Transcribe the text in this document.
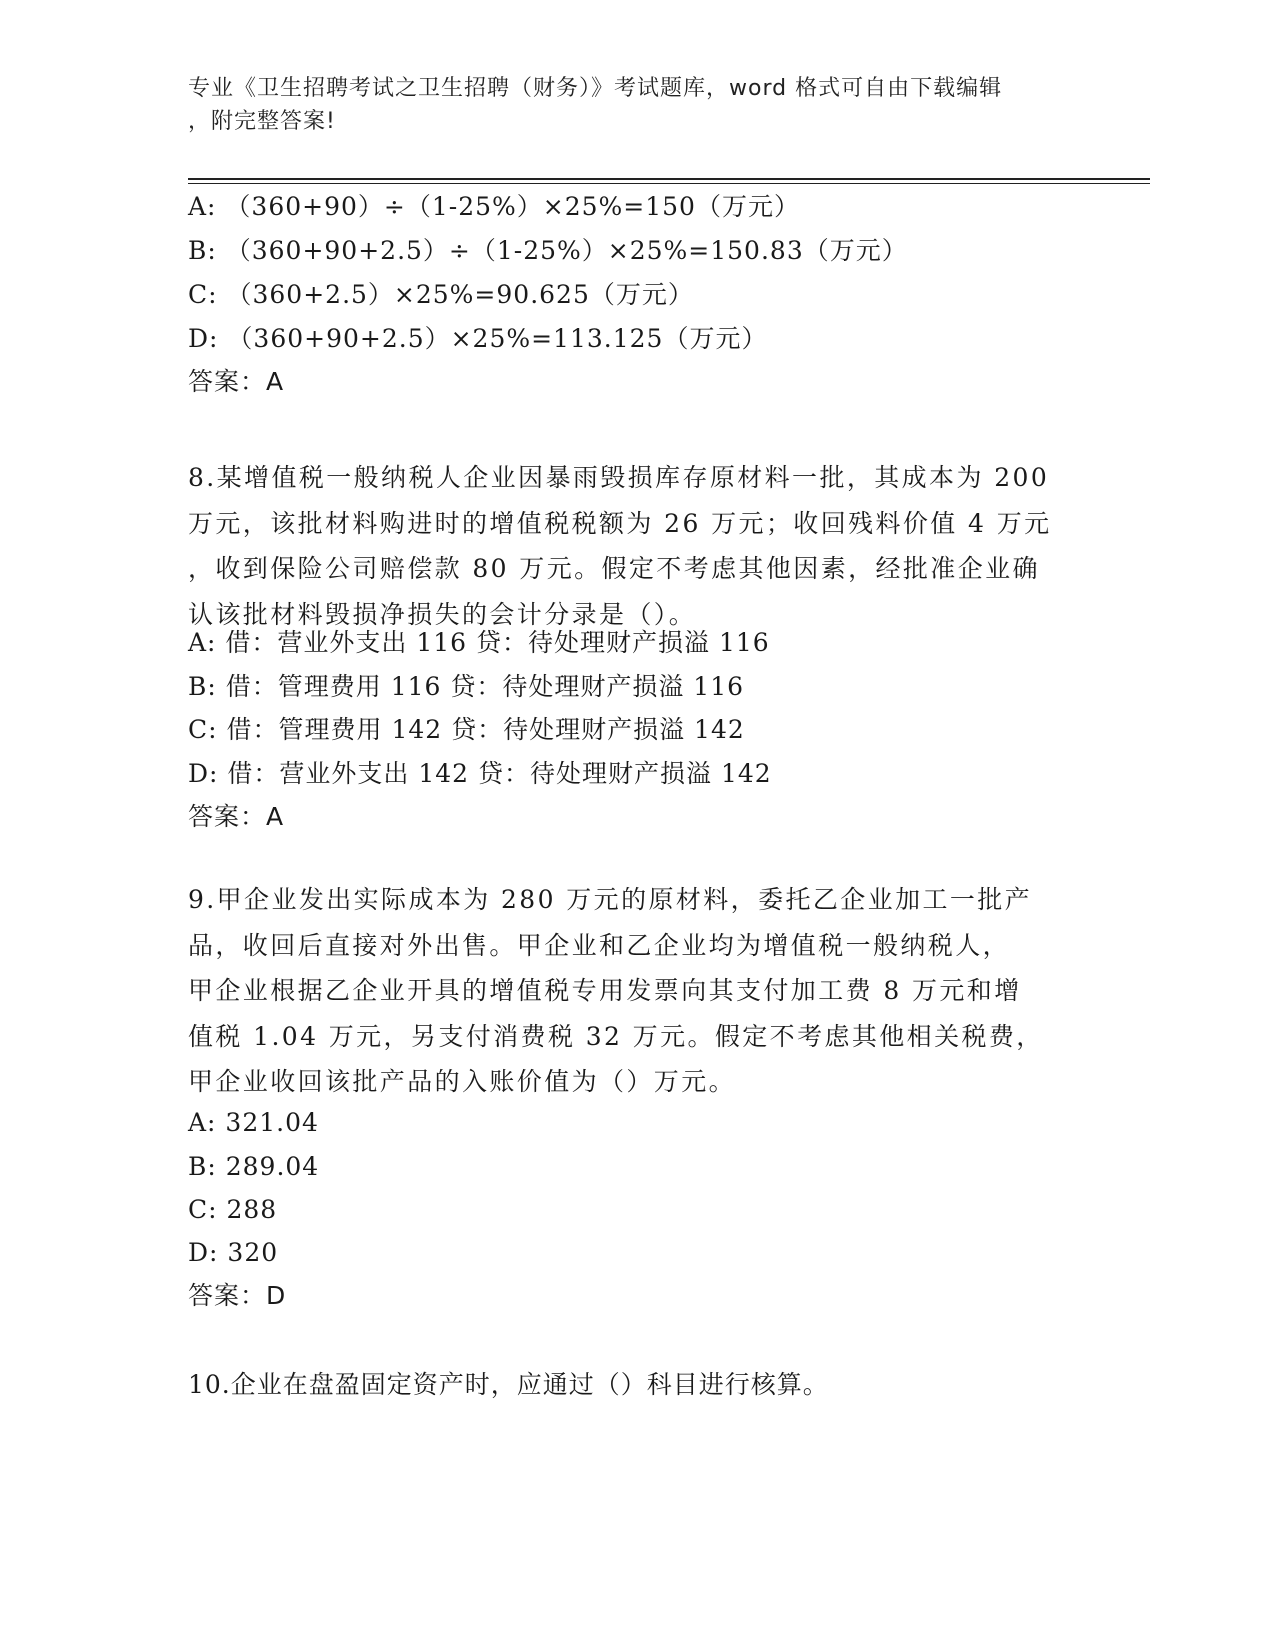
专业《卫生招聘考试之卫生招聘（财务）》考试题库，word 格式可自由下载编辑
，附完整答案!
A: （360+90）÷（1-25%）×25%=150（万元）
B: （360+90+2.5）÷（1-25%）×25%=150.83（万元）
C: （360+2.5）×25%=90.625（万元）
D: （360+90+2.5）×25%=113.125（万元）
答案：A
8.某增值税一般纳税人企业因暴雨毁损库存原材料一批，其成本为 200
万元，该批材料购进时的增值税税额为 26 万元；收回残料价值 4 万元
，收到保险公司赔偿款 80 万元。假定不考虑其他因素，经批准企业确
认该批材料毁损净损失的会计分录是（）。
A: 借：营业外支出 116 贷：待处理财产损溢 116
B: 借：管理费用 116 贷：待处理财产损溢 116
C: 借：管理费用 142 贷：待处理财产损溢 142
D: 借：营业外支出 142 贷：待处理财产损溢 142
答案：A
9.甲企业发出实际成本为 280 万元的原材料，委托乙企业加工一批产
品，收回后直接对外出售。甲企业和乙企业均为增值税一般纳税人，
甲企业根据乙企业开具的增值税专用发票向其支付加工费 8 万元和增
值税 1.04 万元，另支付消费税 32 万元。假定不考虑其他相关税费，
甲企业收回该批产品的入账价值为（）万元。
A: 321.04
B: 289.04
C: 288
D: 320
答案：D
10.企业在盘盈固定资产时，应通过（）科目进行核算。
